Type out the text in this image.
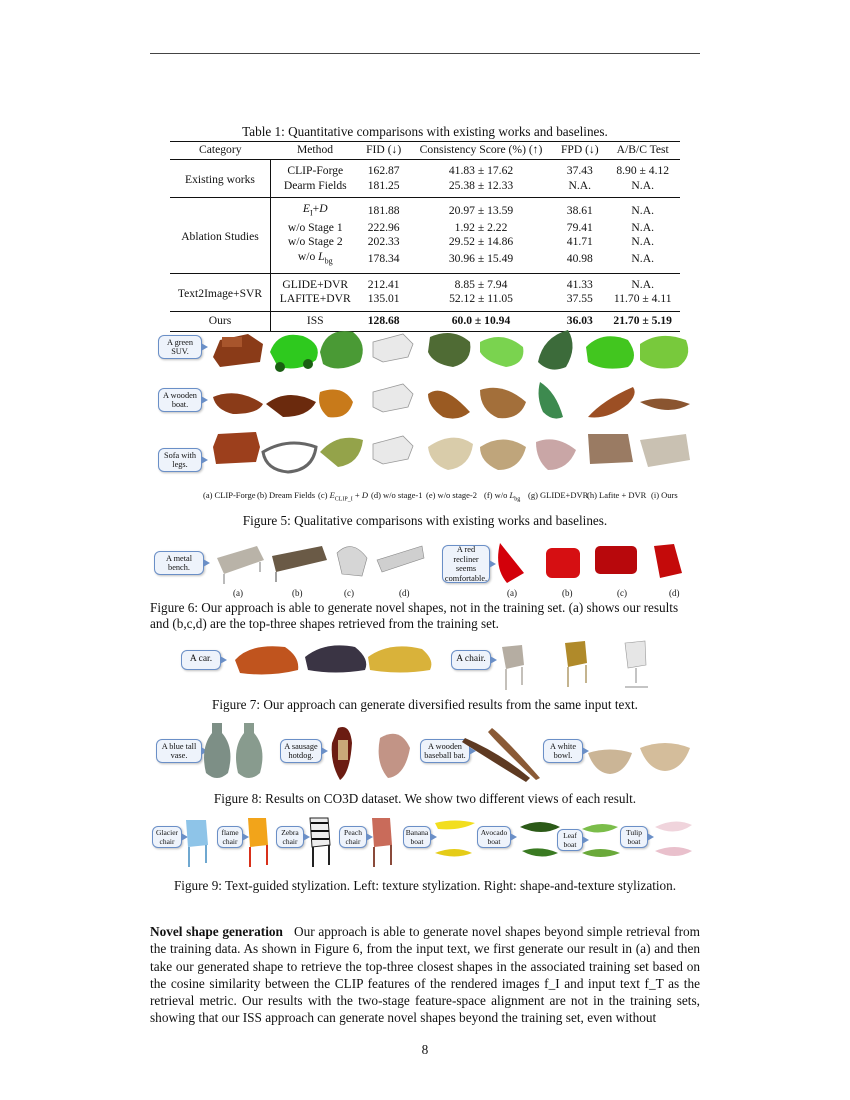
Table 1: Quantitative comparisons with existing works and baselines.
Category	Method	FID (↓)	Consistency Score (%) (↑)	FPD (↓)	A/B/C Test
Existing works	CLIP-Forge	162.87	41.83 ± 17.62	37.43	8.90 ± 4.12
	Dearm Fields	181.25	25.38 ± 12.33	N.A.	N.A.
Ablation Studies	$E_I+D$	181.88	20.97 ± 13.59	38.61	N.A.
	w/o Stage 1	222.96	1.92 ± 2.22	79.41	N.A.
	w/o Stage 2	202.33	29.52 ± 14.86	41.71	N.A.
	w/o $L_{bg}$	178.34	30.96 ± 15.49	40.98	N.A.
Text2Image+SVR	GLIDE+DVR	212.41	8.85 ± 7.94	41.33	N.A.
	LAFITE+DVR	135.01	52.12 ± 11.05	37.55	11.70 ± 4.11
Ours	ISS	128.68	60.0 ± 10.94	36.03	21.70 ± 5.19
A green SUV.
A wooden boat.
Sofa with legs.
(a) CLIP-Forge (b) Dream Fields (c) $E_{CLIP\_I} + D$ (d) w/o stage-1 (e) w/o stage-2 (f) w/o $L_{bg}$ (g) GLIDE+DVR
(h) Lafite + DVR (i) Ours
Figure 5: Qualitative comparisons with existing works and baselines.
A metal bench.
A red recliner seems comfortable.
(a)	(b)	(c)	(d)	(a)	(b)	(c)	(d)
Figure 6: Our approach is able to generate novel shapes, not in the training set. (a) shows our results and (b,c,d) are the top-three shapes retrieved from the training set.
A car.	A chair.
Figure 7: Our approach can generate diversified results from the same input text.
A blue tall vase.
A sausage hotdog.
A wooden baseball bat.
A white bowl.
Figure 8: Results on CO3D dataset. We show two different views of each result.
Glacier chair
flame chair
Zebra chair
Peach chair
Banana boat
Avocado boat
Leaf boat
Tulip boat
Figure 9: Text-guided stylization. Left: texture stylization. Right: shape-and-texture stylization.
Novel shape generation Our approach is able to generate novel shapes beyond simple retrieval from the training data. As shown in Figure 6, from the input text, we first generate our result in (a) and then take our generated shape to retrieve the top-three closest shapes in the associated training set based on the cosine similarity between the CLIP features of the rendered images f_I and input text f_T as the retrieval metric. Our results with the two-stage feature-space alignment are not in the training sets, showing that our ISS approach can generate novel shapes beyond the training set, even without
8
